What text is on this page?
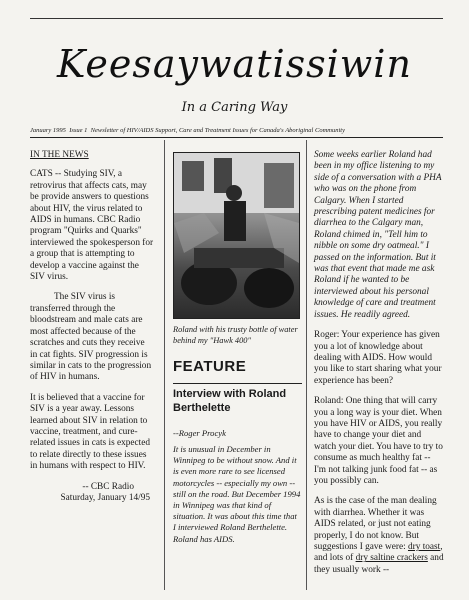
Keesaywatissiwin
In a Caring Way
January 1995 Issue 1 Newsletter of HIV/AIDS Support, Care and Treatment Issues for Canada's Aboriginal Community

IN THE NEWS

CATS -- Studying SIV, a retrovirus that affects cats, may be provide answers to questions about HIV, the virus related to AIDS in humans. CBC Radio program "Quirks and Quarks" interviewed the spokesperson for a group that is attempting to develop a vaccine against the SIV virus.

The SIV virus is transferred through the bloodstream and male cats are most affected because of the scratches and cuts they receive in cat fights. SIV progression is similar in cats to the progression of HIV in humans.

It is believed that a vaccine for SIV is a year away. Lessons learned about SIV in relation to vaccine, treatment, and cure-related issues in cats is expected to relate directly to these issues in humans with respect to HIV.

-- CBC Radio

Saturday, January 14/95

Roland with his trusty bottle of water behind my "Hawk 400"
FEATURE
Interview with Roland Berthelette
--Roger Procyk
It is unusual in December in Winnipeg to be without snow. And it is even more rare to see licensed motorcycles -- especially my own -- still on the road. But December 1994 in Winnipeg was that kind of situation. It was about this time that I interviewed Roland Berthelette. Roland has AIDS.

Some weeks earlier Roland had been in my office listening to my side of a conversation with a PHA who was on the phone from Calgary. When I started prescribing patent medicines for diarrhea to the Calgary man, Roland chimed in, "Tell him to nibble on some dry oatmeal." I passed on the information. But it was that event that made me ask Roland if he wanted to be interviewed about his personal knowledge of care and treatment issues. He readily agreed.

Roger: Your experience has given you a lot of knowledge about dealing with AIDS. How would you like to start sharing what your experience has been?

Roland: One thing that will carry you a long way is your diet. When you have HIV or AIDS, you really have to change your diet and watch your diet. You have to try to consume as much healthy fat -- I'm not talking junk food fat -- as you possibly can.

As is the case of the man dealing with diarrhea. Whether it was AIDS related, or just not eating properly, I do not know. But suggestions I gave were: dry toast, and lots of dry saltine crackers and they usually work --
